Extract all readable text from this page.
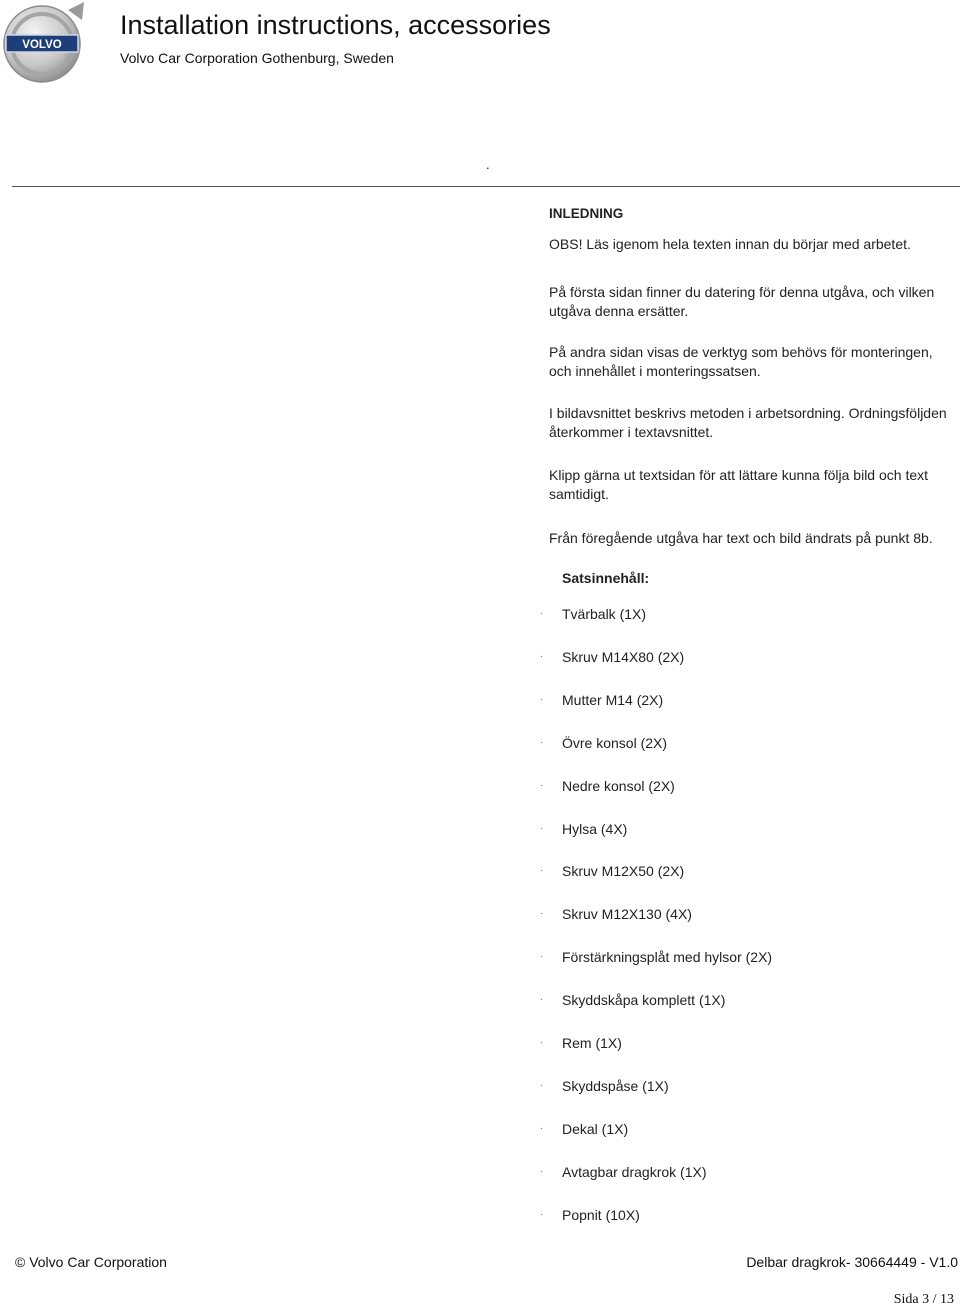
VOLVO
Installation instructions, accessories
Volvo Car Corporation Gothenburg, Sweden
.
INLEDNING
OBS! Läs igenom hela texten innan du börjar med arbetet.
På första sidan finner du datering för denna utgåva, och vilken utgåva denna ersätter.
På andra sidan visas de verktyg som behövs för monteringen, och innehållet i monteringssatsen.
I bildavsnittet beskrivs metoden i arbetsordning. Ordningsföljden återkommer i textavsnittet.
Klipp gärna ut textsidan för att lättare kunna följa bild och text samtidigt.
Från föregående utgåva har text och bild ändrats på punkt 8b.
Satsinnehåll:
. Tvärbalk (1X)
. Skruv M14X80 (2X)
. Mutter M14 (2X)
. Övre konsol (2X)
. Nedre konsol (2X)
. Hylsa (4X)
. Skruv M12X50 (2X)
. Skruv M12X130 (4X)
. Förstärkningsplåt med hylsor (2X)
. Skyddskåpa komplett (1X)
. Rem (1X)
. Skyddspåse (1X)
. Dekal (1X)
. Avtagbar dragkrok (1X)
. Popnit (10X)
© Volvo Car Corporation	Delbar dragkrok- 30664449 - V1.0
Sida 3 / 13
